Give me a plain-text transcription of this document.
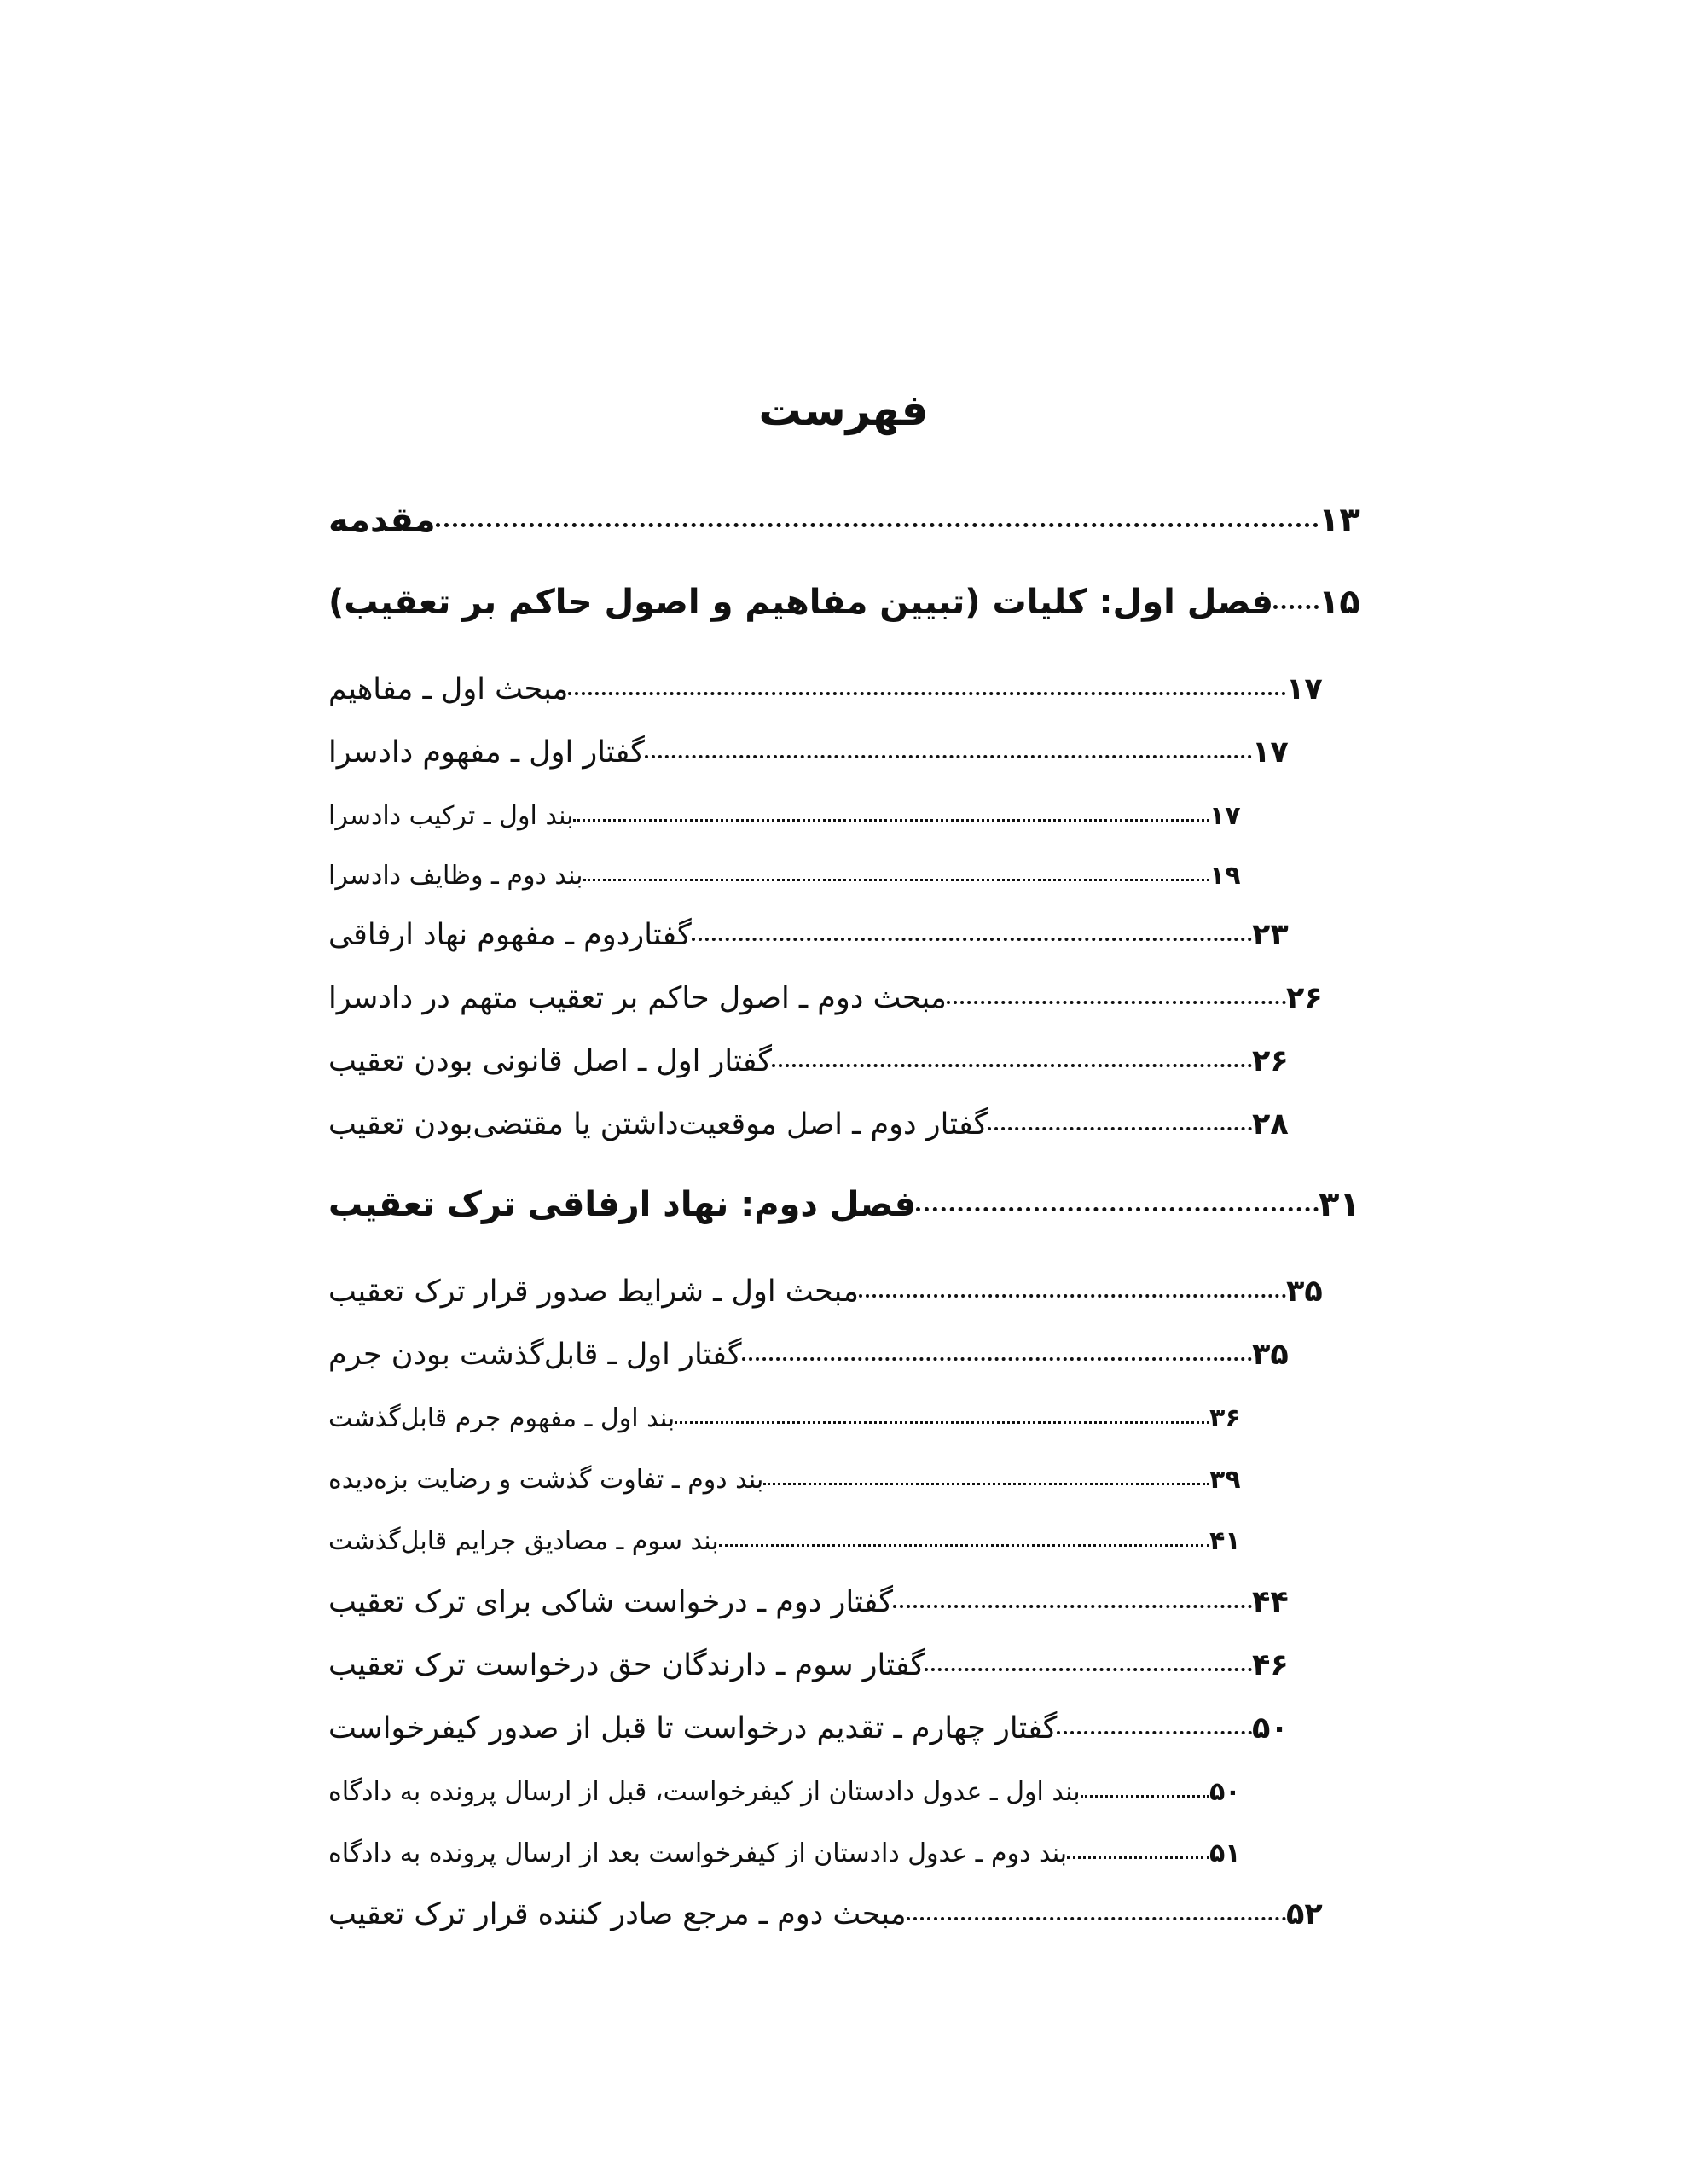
فهرست
مقدمه	۱۳
فصل اول: کلیات (تبیین مفاهیم و اصول حاکم بر تعقیب) ۱۵
مبحث اول ـ مفاهیم	۱۷
گفتار اول ـ مفهوم دادسرا	۱۷
بند اول ـ ترکیب دادسرا	۱۷
بند دوم ـ وظایف دادسرا	۱۹
گفتاردوم ـ مفهوم نهاد ارفاقی	۲۳
مبحث دوم ـ اصول حاکم بر تعقیب متهم در دادسرا	۲۶
گفتار اول ـ اصل قانونی بودن تعقیب	۲۶
گفتار دوم ـ اصل موقعیت‌داشتن یا مقتضی‌بودن تعقیب	۲۸
فصل دوم: نهاد ارفاقی ترک تعقیب	۳۱
مبحث اول ـ شرایط صدور قرار ترک تعقیب	۳۵
گفتار اول ـ قابل‌گذشت بودن جرم	۳۵
بند اول ـ مفهوم جرم قابل‌گذشت	۳۶
بند دوم ـ تفاوت گذشت و رضایت بزه‌دیده	۳۹
بند سوم ـ مصادیق جرایم قابل‌گذشت	۴۱
گفتار دوم ـ درخواست شاکی برای ترک تعقیب	۴۴
گفتار سوم ـ دارندگان حق درخواست ترک تعقیب	۴۶
گفتار چهارم ـ تقدیم درخواست تا قبل از صدور کیفرخواست	۵۰
بند اول ـ عدول دادستان از کیفرخواست، قبل از ارسال پرونده به دادگاه	۵۰
بند دوم ـ عدول دادستان از کیفرخواست بعد از ارسال پرونده به دادگاه	۵۱
مبحث دوم ـ مرجع صادر کننده قرار ترک تعقیب	۵۲
